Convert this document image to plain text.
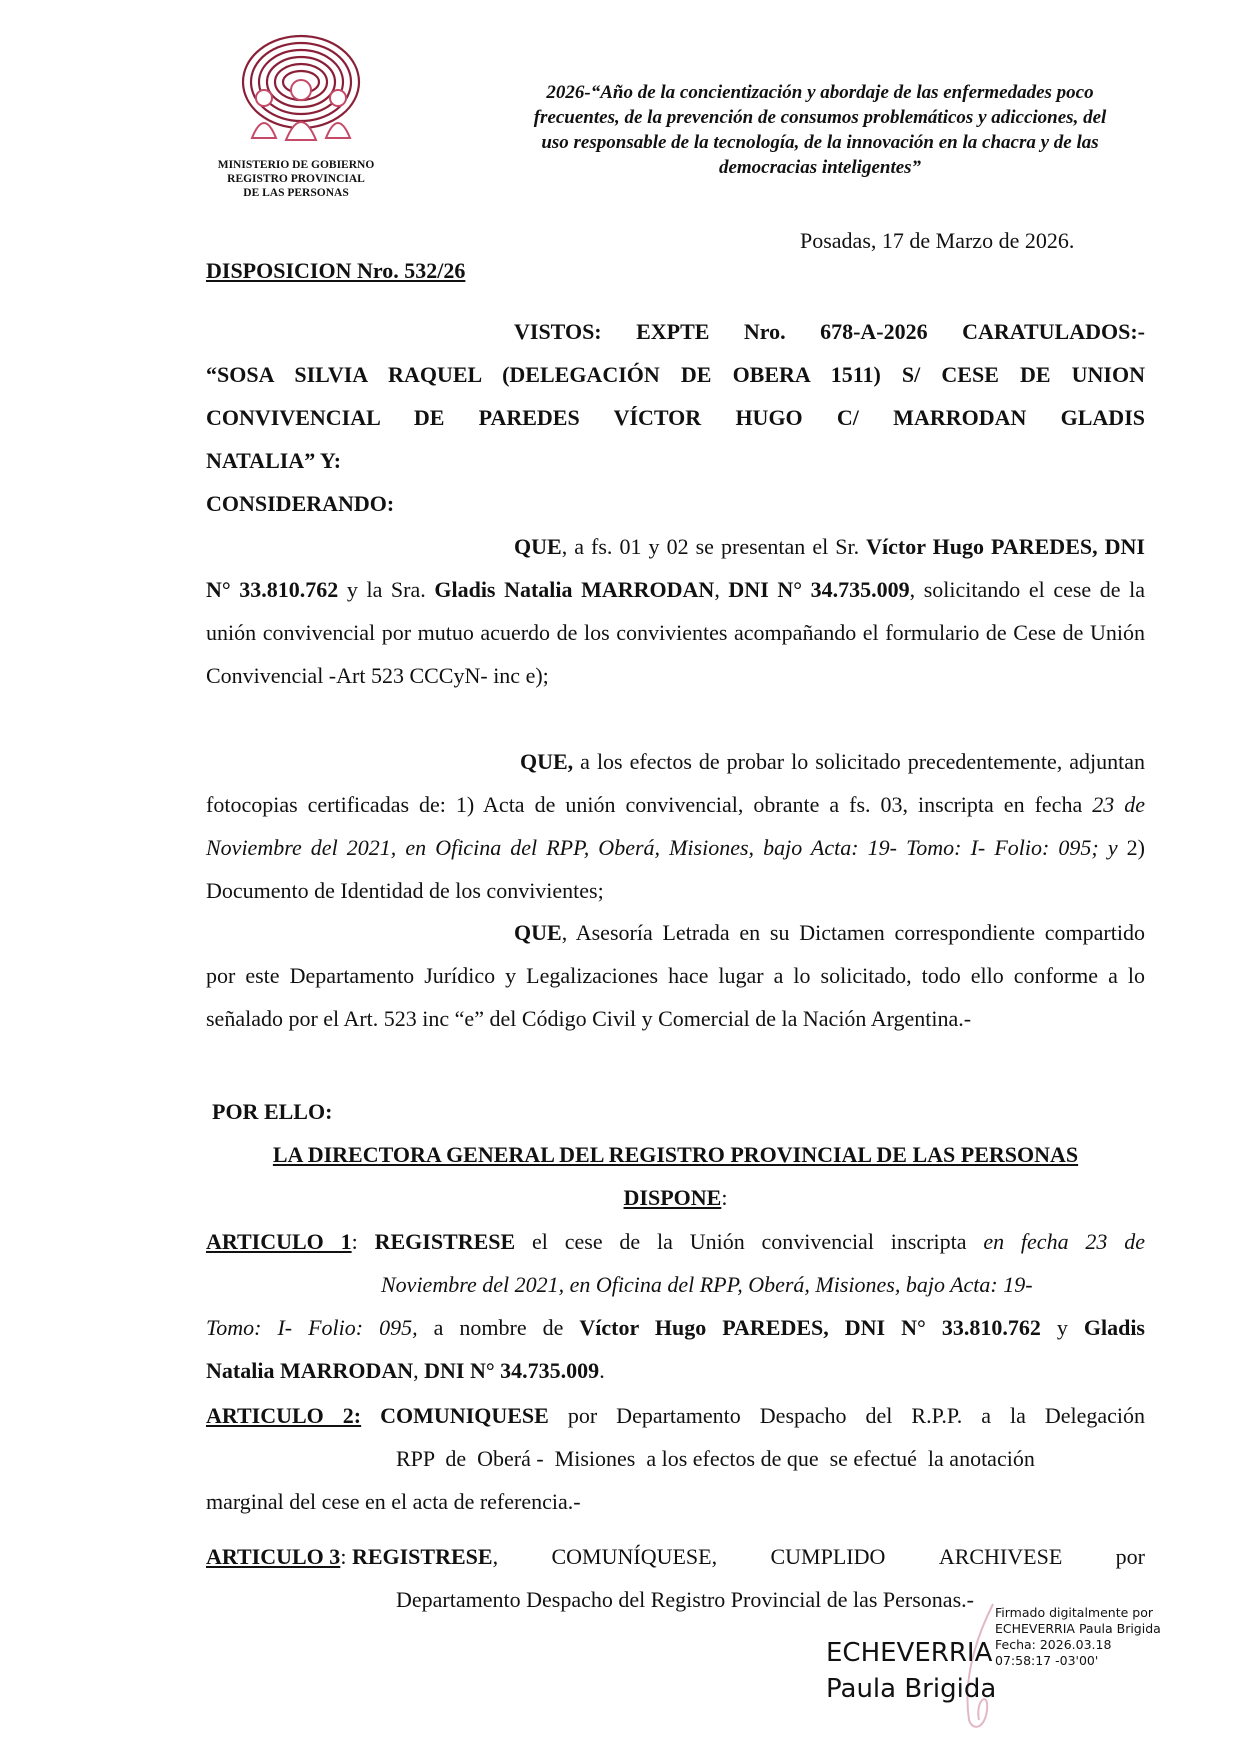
MINISTERIO DE GOBIERNO
REGISTRO PROVINCIAL
DE LAS PERSONAS
2026-“Año de la concientización y abordaje de las enfermedades poco
frecuentes, de la prevención de consumos problemáticos y adicciones, del
uso responsable de la tecnología, de la innovación en la chacra y de las
democracias inteligentes”
Posadas, 17 de Marzo de 2026.
DISPOSICION Nro. 532/26
VISTOS: EXPTE Nro. 678-A-2026 CARATULADOS:-
“SOSA SILVIA RAQUEL (DELEGACIÓN DE OBERA 1511) S/ CESE DE UNION
CONVIVENCIAL DE PAREDES VÍCTOR HUGO C/ MARRODAN GLADIS
NATALIA” Y:
CONSIDERANDO:
QUE, a fs. 01 y 02 se presentan el Sr. Víctor Hugo PAREDES, DNI N° 33.810.762 y la Sra. Gladis Natalia MARRODAN, DNI N° 34.735.009, solicitando el cese de la unión convivencial por mutuo acuerdo de los convivientes acompañando el formulario de Cese de Unión Convivencial -Art 523 CCCyN- inc e);
QUE, a los efectos de probar lo solicitado precedentemente, adjuntan fotocopias certificadas de: 1) Acta de unión convivencial, obrante a fs. 03, inscripta en fecha 23 de Noviembre del 2021, en Oficina del RPP, Oberá, Misiones, bajo Acta: 19- Tomo: I- Folio: 095; y 2) Documento de Identidad de los convivientes;
QUE, Asesoría Letrada en su Dictamen correspondiente compartido por este Departamento Jurídico y Legalizaciones hace lugar a lo solicitado, todo ello conforme a lo señalado por el Art. 523 inc “e” del Código Civil y Comercial de la Nación Argentina.-
POR ELLO:
LA DIRECTORA GENERAL DEL REGISTRO PROVINCIAL DE LAS PERSONAS
DISPONE:
ARTICULO 1: REGISTRESE el cese de la Unión convivencial inscripta en fecha 23 de
Noviembre del 2021, en Oficina del RPP, Oberá, Misiones, bajo Acta: 19-
Tomo: I- Folio: 095, a nombre de Víctor Hugo PAREDES, DNI N° 33.810.762 y Gladis
Natalia MARRODAN, DNI N° 34.735.009.
ARTICULO 2: COMUNIQUESE por Departamento Despacho del R.P.P. a la Delegación
RPP  de  Oberá -  Misiones  a los efectos de que  se efectué  la anotación
marginal del cese en el acta de referencia.-
ARTICULO 3: REGISTRESE, COMUNÍQUESE, CUMPLIDO ARCHIVESE por
Departamento Despacho del Registro Provincial de las Personas.-
ECHEVERRIA
Paula Brigida
Firmado digitalmente por
ECHEVERRIA Paula Brigida
Fecha: 2026.03.18
07:58:17 -03'00'
